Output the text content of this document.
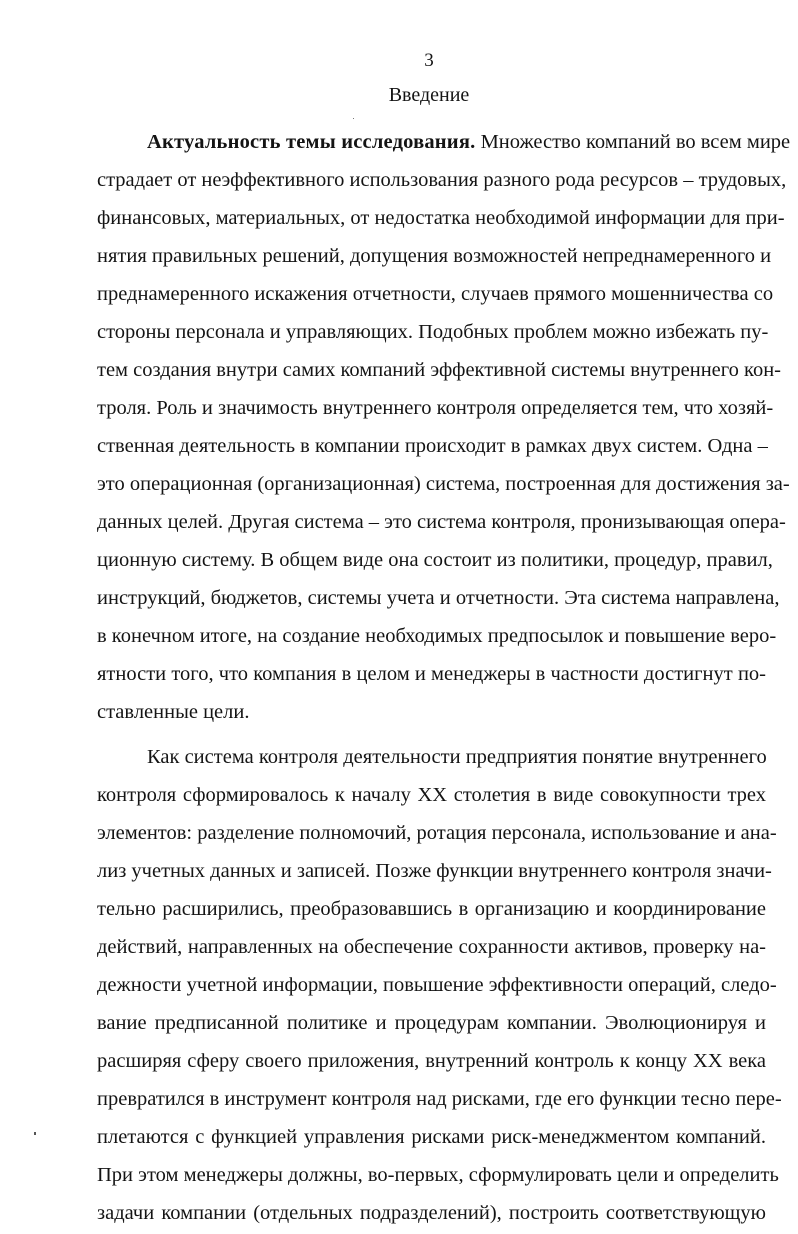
3
Введение
Актуальность темы исследования. Множество компаний во всем мире
страдает от неэффективного использования разного рода ресурсов – трудовых,
финансовых, материальных, от недостатка необходимой информации для при-
нятия правильных решений, допущения возможностей непреднамеренного и
преднамеренного искажения отчетности, случаев прямого мошенничества со
стороны персонала и управляющих. Подобных проблем можно избежать пу-
тем создания внутри самих компаний эффективной системы внутреннего кон-
троля. Роль и значимость внутреннего контроля определяется тем, что хозяй-
ственная деятельность в компании происходит в рамках двух систем. Одна –
это операционная (организационная) система, построенная для достижения за-
данных целей. Другая система – это система контроля, пронизывающая опера-
ционную систему. В общем виде она состоит из политики, процедур, правил,
инструкций, бюджетов, системы учета и отчетности. Эта система направлена,
в конечном итоге, на создание необходимых предпосылок и повышение веро-
ятности того, что компания в целом и менеджеры в частности достигнут по-
ставленные цели.
Как система контроля деятельности предприятия понятие внутреннего
контроля сформировалось к началу XX столетия в виде совокупности трех
элементов: разделение полномочий, ротация персонала, использование и ана-
лиз учетных данных и записей. Позже функции внутреннего контроля значи-
тельно расширились, преобразовавшись в организацию и координирование
действий, направленных на обеспечение сохранности активов, проверку на-
дежности учетной информации, повышение эффективности операций, следо-
вание предписанной политике и процедурам компании. Эволюционируя и
расширяя сферу своего приложения, внутренний контроль к концу XX века
превратился в инструмент контроля над рисками, где его функции тесно пере-
плетаются с функцией управления рисками риск-менеджментом компаний.
При этом менеджеры должны, во-первых, сформулировать цели и определить
задачи компании (отдельных подразделений), построить соответствующую
